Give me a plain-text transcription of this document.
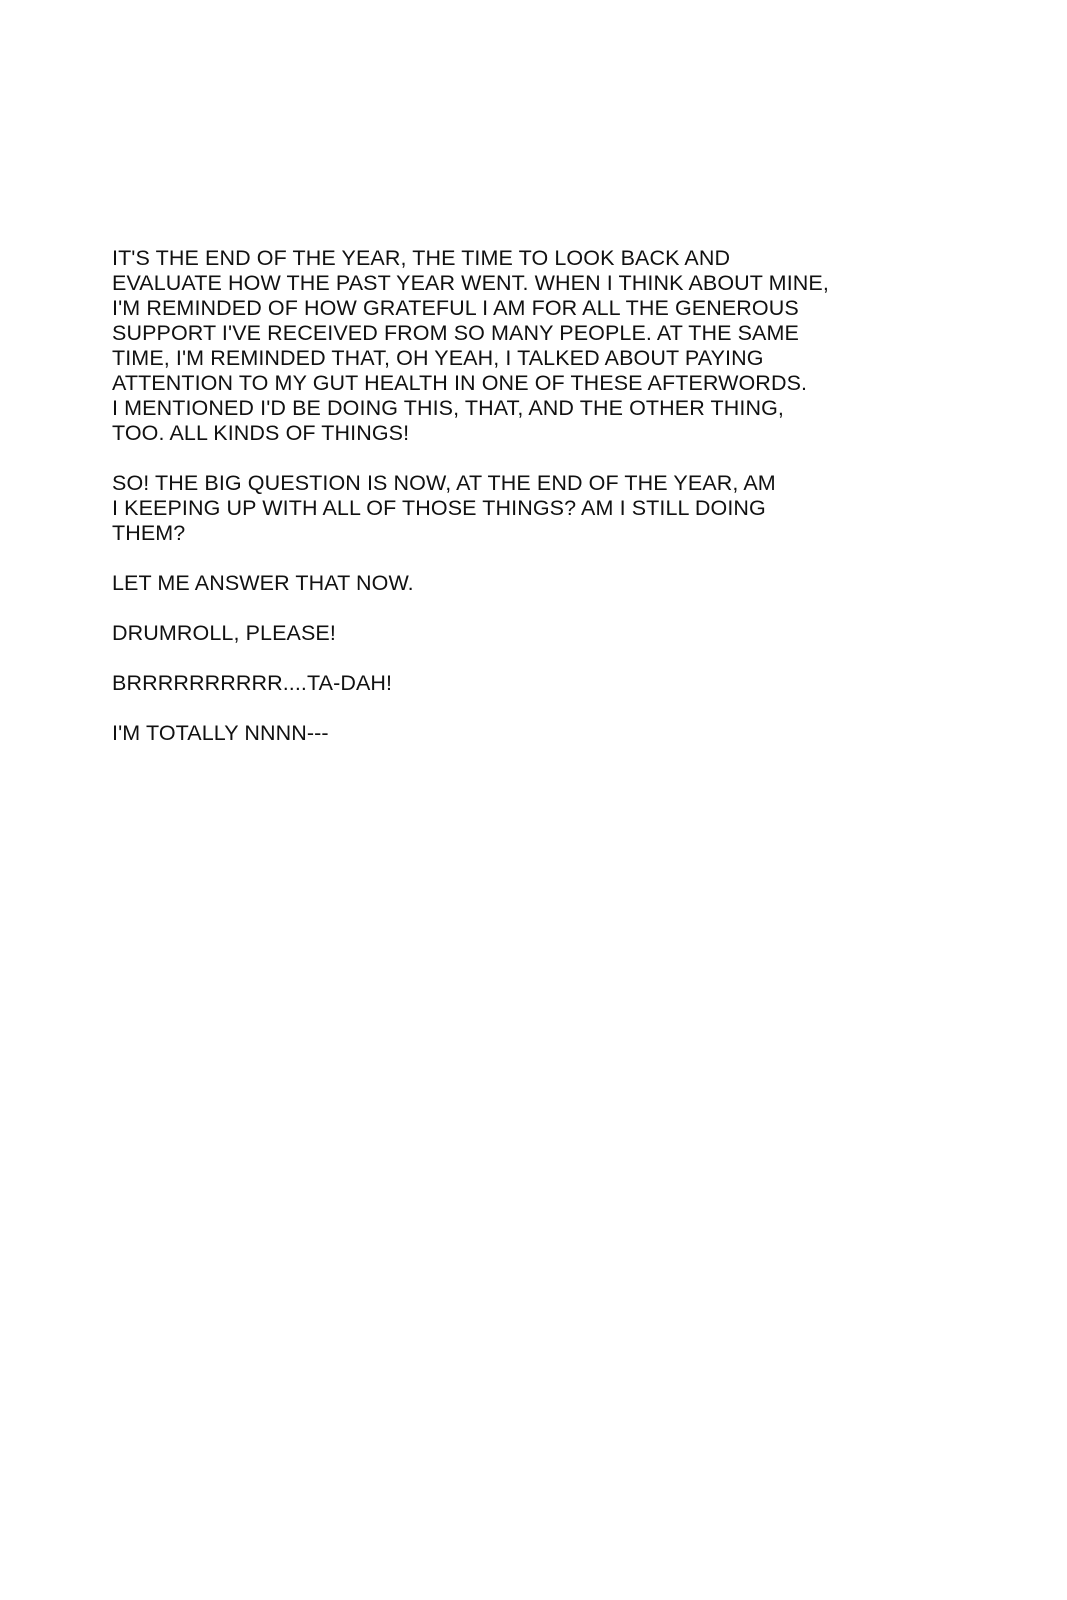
IT'S THE END OF THE YEAR, THE TIME TO LOOK BACK AND
EVALUATE HOW THE PAST YEAR WENT. WHEN I THINK ABOUT MINE,
I'M REMINDED OF HOW GRATEFUL I AM FOR ALL THE GENEROUS
SUPPORT I'VE RECEIVED FROM SO MANY PEOPLE. AT THE SAME
TIME, I'M REMINDED THAT, OH YEAH, I TALKED ABOUT PAYING
ATTENTION TO MY GUT HEALTH IN ONE OF THESE AFTERWORDS.
I MENTIONED I'D BE DOING THIS, THAT, AND THE OTHER THING,
TOO. ALL KINDS OF THINGS!
SO! THE BIG QUESTION IS NOW, AT THE END OF THE YEAR, AM
I KEEPING UP WITH ALL OF THOSE THINGS? AM I STILL DOING
THEM?
LET ME ANSWER THAT NOW.
DRUMROLL, PLEASE!
BRRRRRRRRRR....TA-DAH!
I'M TOTALLY NNNN---
